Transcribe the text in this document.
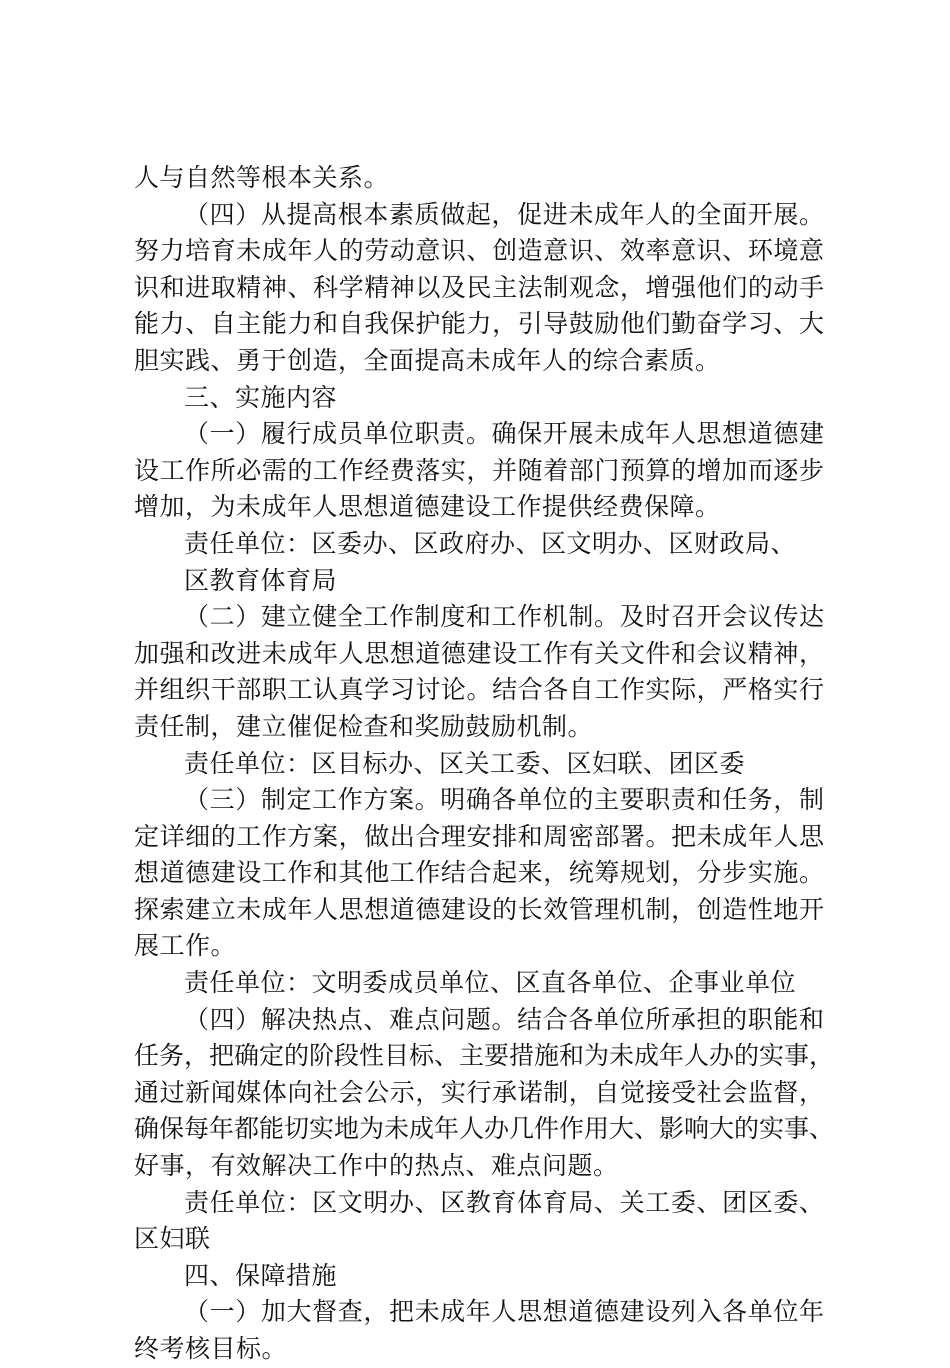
人与自然等根本关系。
（四）从提高根本素质做起，促进未成年人的全面开展。
努力培育未成年人的劳动意识、创造意识、效率意识、环境意
识和进取精神、科学精神以及民主法制观念，增强他们的动手
能力、自主能力和自我保护能力，引导鼓励他们勤奋学习、大
胆实践、勇于创造，全面提高未成年人的综合素质。
三、实施内容
（一）履行成员单位职责。确保开展未成年人思想道德建
设工作所必需的工作经费落实，并随着部门预算的增加而逐步
增加，为未成年人思想道德建设工作提供经费保障。
责任单位：区委办、区政府办、区文明办、区财政局、
区教育体育局
（二）建立健全工作制度和工作机制。及时召开会议传达
加强和改进未成年人思想道德建设工作有关文件和会议精神，
并组织干部职工认真学习讨论。结合各自工作实际，严格实行
责任制，建立催促检查和奖励鼓励机制。
责任单位：区目标办、区关工委、区妇联、团区委
（三）制定工作方案。明确各单位的主要职责和任务，制
定详细的工作方案，做出合理安排和周密部署。把未成年人思
想道德建设工作和其他工作结合起来，统筹规划，分步实施。
探索建立未成年人思想道德建设的长效管理机制，创造性地开
展工作。
责任单位：文明委成员单位、区直各单位、企事业单位
（四）解决热点、难点问题。结合各单位所承担的职能和
任务，把确定的阶段性目标、主要措施和为未成年人办的实事，
通过新闻媒体向社会公示，实行承诺制，自觉接受社会监督，
确保每年都能切实地为未成年人办几件作用大、影响大的实事、
好事，有效解决工作中的热点、难点问题。
责任单位：区文明办、区教育体育局、关工委、团区委、
区妇联
四、保障措施
（一）加大督查，把未成年人思想道德建设列入各单位年
终考核目标。
